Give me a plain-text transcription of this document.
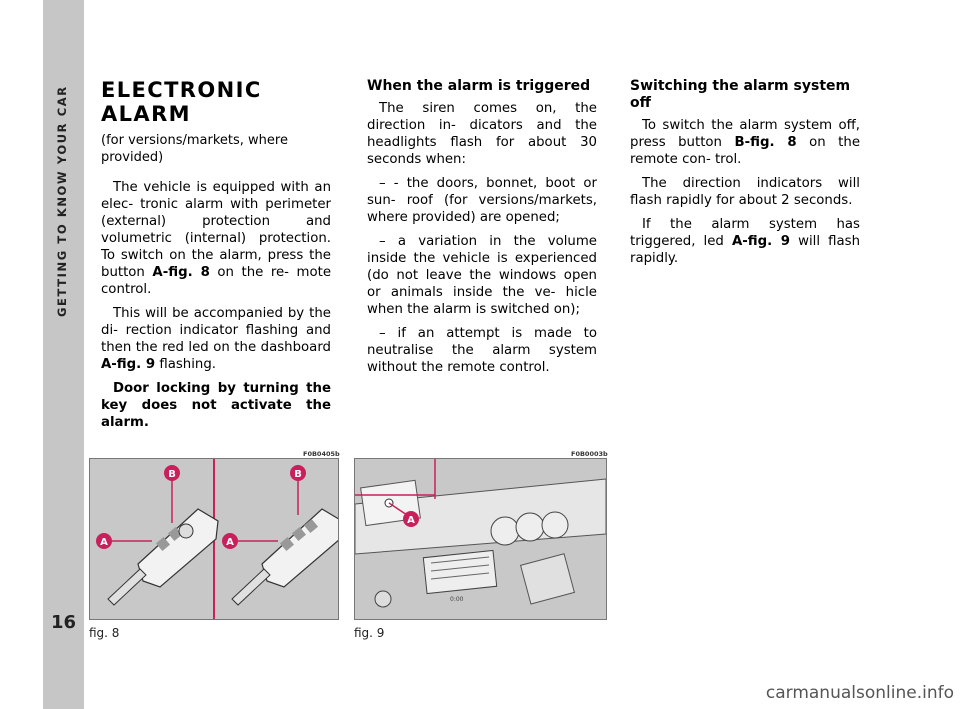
GETTING TO KNOW YOUR CAR
16
ELECTRONIC
ALARM
(for versions/markets, where provided)

The vehicle is equipped with an elec- tronic alarm with perimeter (external) protection and volumetric (internal) protection. To switch on the alarm, press the button A-fig. 8 on the re- mote control.

This will be accompanied by the di- rection indicator flashing and then the red led on the dashboard A-fig. 9 flashing.

Door locking by turning the key does not activate the alarm.

When the alarm is triggered

The siren comes on, the direction in- dicators and the headlights flash for about 30 seconds when:

– - the doors, bonnet, boot or sun- roof (for versions/markets, where provided) are opened;

– a variation in the volume inside the vehicle is experienced (do not leave the windows open or animals inside the ve- hicle when the alarm is switched on);

– if an attempt is made to neutralise the alarm system without the remote control.

Switching the alarm system off

To switch the alarm system off, press button B-fig. 8 on the remote con- trol.

The direction indicators will flash rapidly for about 2 seconds.

If the alarm system has triggered, led A-fig. 9 will flash rapidly.

F0B0405b
A
B
A
B
fig. 8
F0B0003b
0:00
A
fig. 9
carmanualsonline.info
